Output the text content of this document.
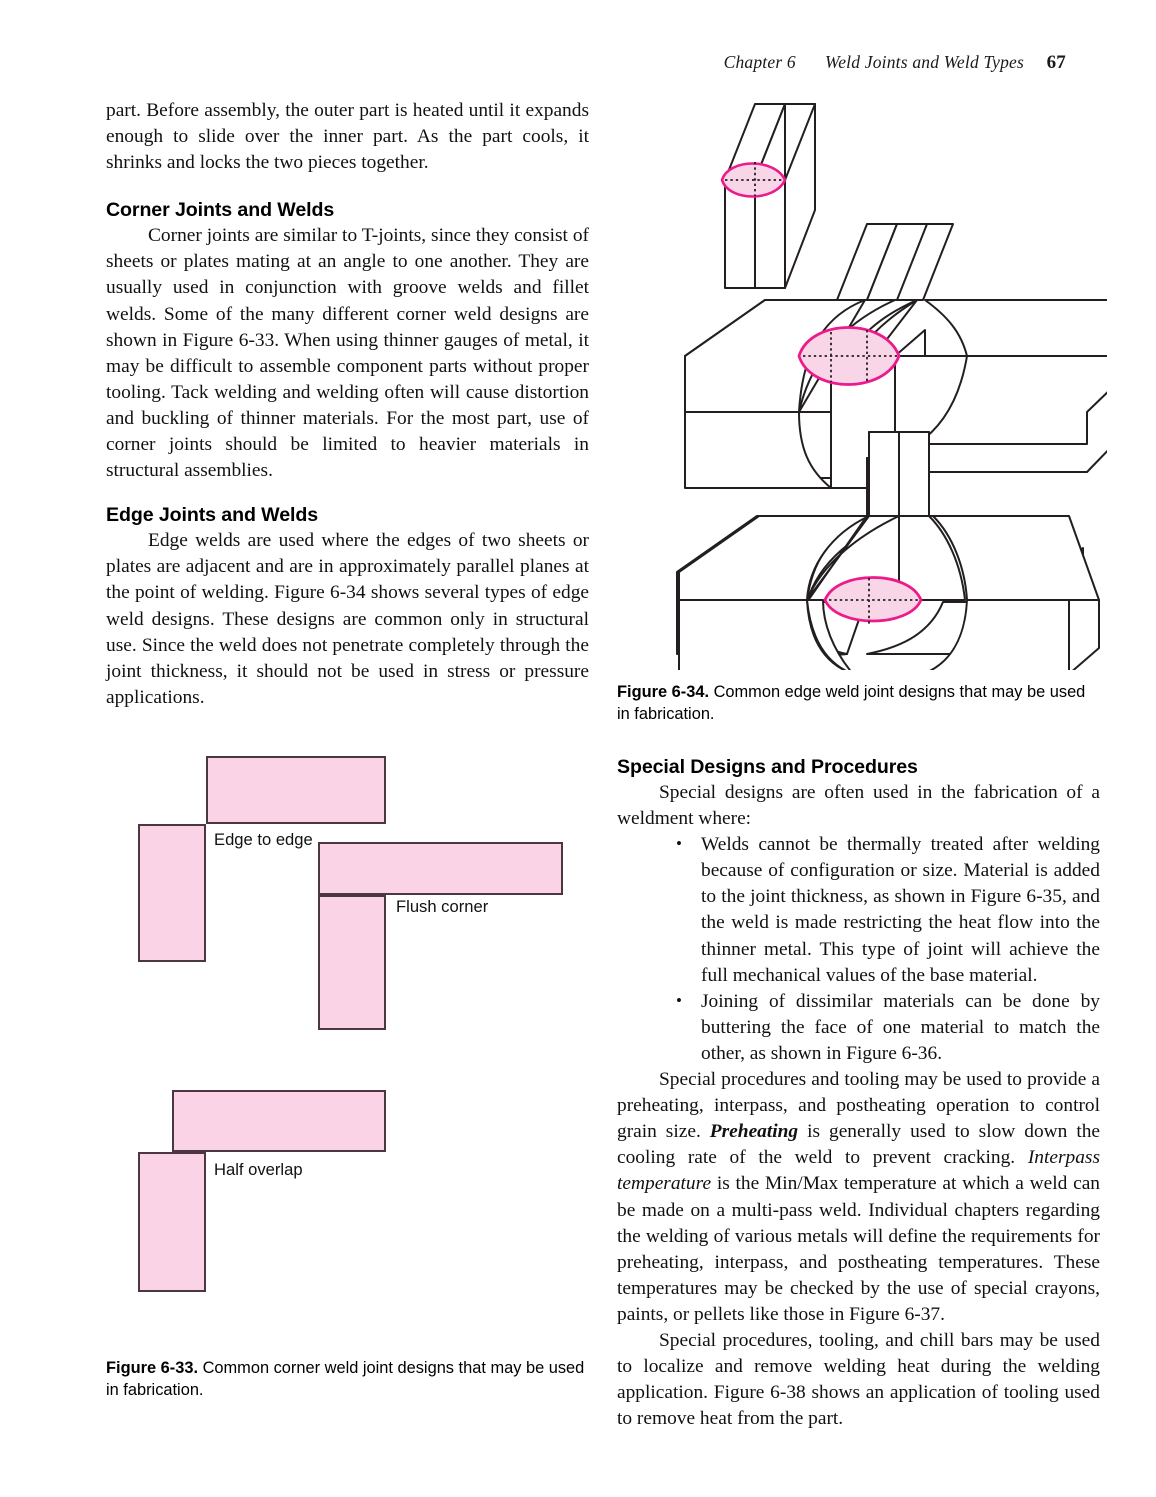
Chapter 6 Weld Joints and Weld Types 67

part. Before assembly, the outer part is heated until it expands enough to slide over the inner part. As the part cools, it shrinks and locks the two pieces together.

Corner Joints and Welds

Corner joints are similar to T-joints, since they consist of sheets or plates mating at an angle to one another. They are usually used in conjunction with groove welds and fillet welds. Some of the many different corner weld designs are shown in Figure 6-33. When using thinner gauges of metal, it may be difficult to assemble component parts without proper tooling. Tack welding and welding often will cause distortion and buckling of thinner materials. For the most part, use of corner joints should be limited to heavier materials in structural assemblies.

Edge Joints and Welds

Edge welds are used where the edges of two sheets or plates are adjacent and are in approximately parallel planes at the point of welding. Figure 6-34 shows several types of edge weld designs. These designs are common only in structural use. Since the weld does not penetrate completely through the joint thickness, it should not be used in stress or pressure applications.

Edge to edge
Flush corner
Half overlap
Figure 6-33. Common corner weld joint designs that may be used in fabrication.
Figure 6-34. Common edge weld joint designs that may be used in fabrication.
Special Designs and Procedures

Special designs are often used in the fabrication of a weldment where:

• Welds cannot be thermally treated after welding because of configuration or size. Material is added to the joint thickness, as shown in Figure 6-35, and the weld is made restricting the heat flow into the thinner metal. This type of joint will achieve the full mechanical values of the base material.
• Joining of dissimilar materials can be done by buttering the face of one material to match the other, as shown in Figure 6-36.

Special procedures and tooling may be used to provide a preheating, interpass, and postheating operation to control grain size. Preheating is generally used to slow down the cooling rate of the weld to prevent cracking. Interpass temperature is the Min/Max temperature at which a weld can be made on a multi-pass weld. Individual chapters regarding the welding of various metals will define the requirements for preheating, interpass, and postheating temperatures. These temperatures may be checked by the use of special crayons, paints, or pellets like those in Figure 6-37.

Special procedures, tooling, and chill bars may be used to localize and remove welding heat during the welding application. Figure 6-38 shows an application of tooling used to remove heat from the part.
